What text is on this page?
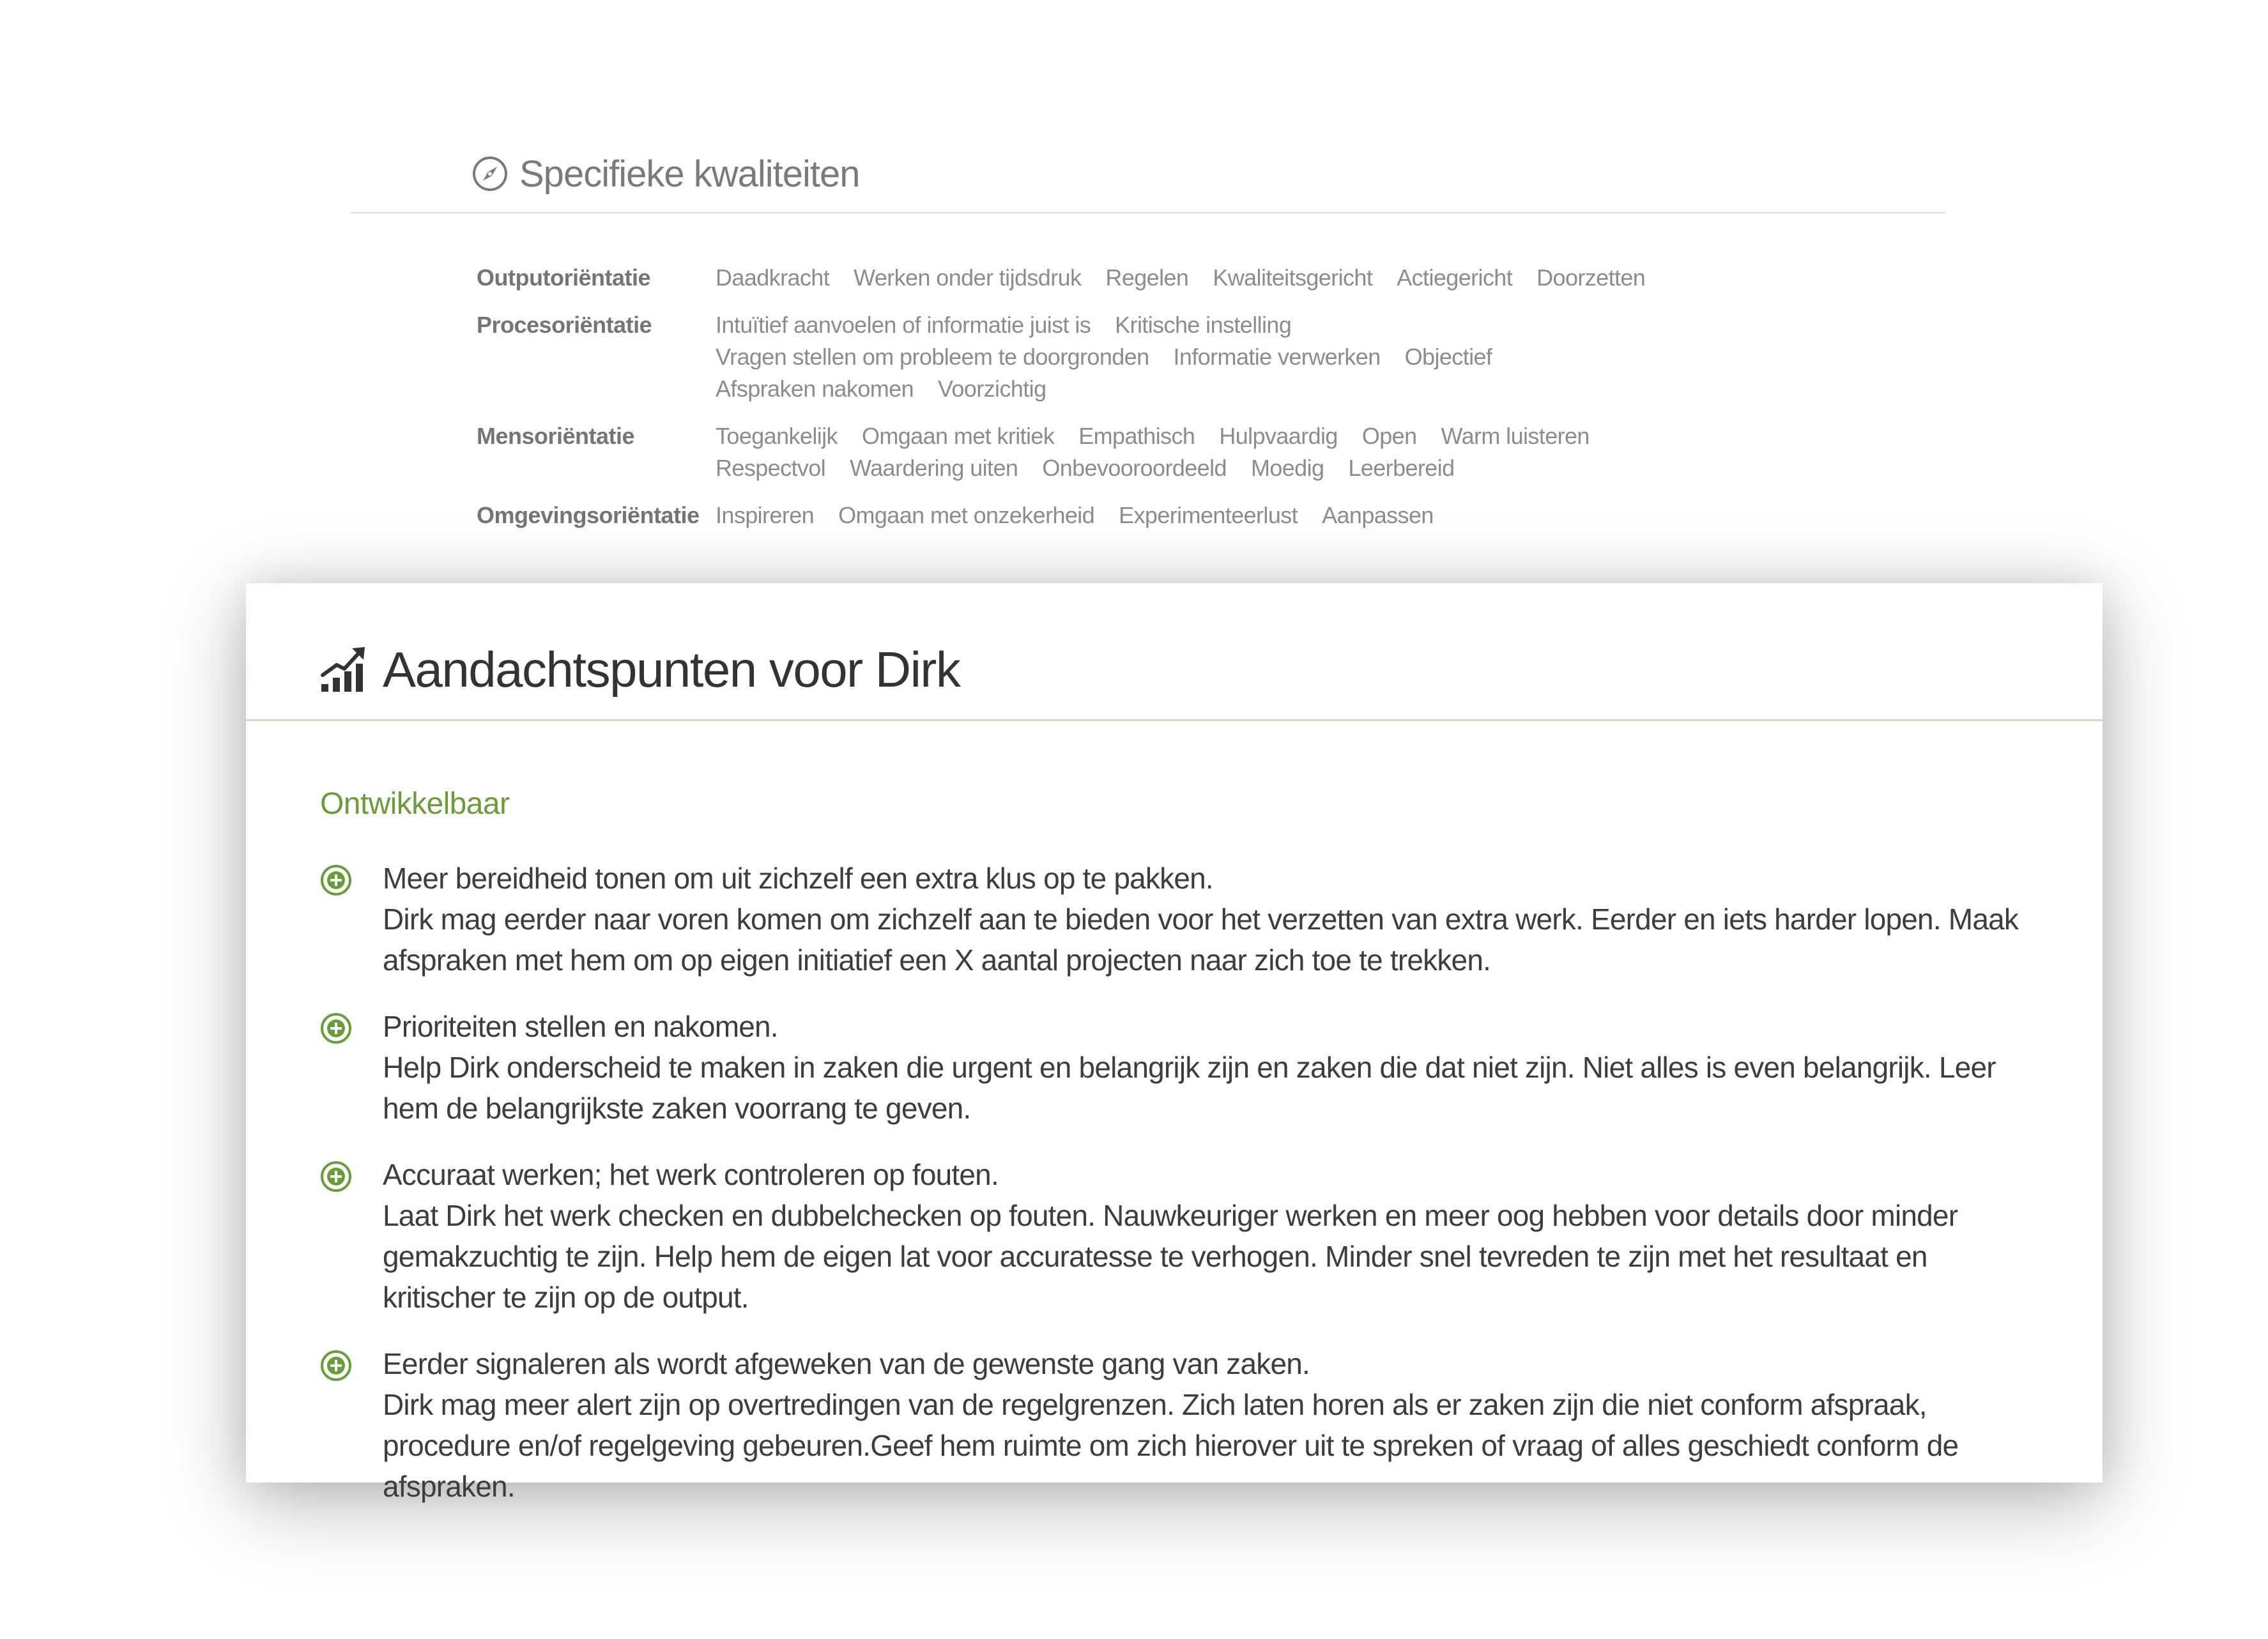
Specifieke kwaliteiten
Outputoriëntatie	Daadkracht Werken onder tijdsdruk Regelen Kwaliteitsgericht Actiegericht Doorzetten
Procesoriëntatie	Intuïtief aanvoelen of informatie juist is Kritische instelling
Vragen stellen om probleem te doorgronden Informatie verwerken Objectief
Afspraken nakomen Voorzichtig
Mensoriëntatie	Toegankelijk Omgaan met kritiek Empathisch Hulpvaardig Open Warm luisteren
Respectvol Waardering uiten Onbevooroordeeld Moedig Leerbereid
Omgevingsoriëntatie Inspireren Omgaan met onzekerheid Experimenteerlust Aanpassen
Aandachtspunten voor Dirk
Ontwikkelbaar
Meer bereidheid tonen om uit zichzelf een extra klus op te pakken.
Dirk mag eerder naar voren komen om zichzelf aan te bieden voor het verzetten van extra werk. Eerder en iets harder lopen. Maak afspraken met hem om op eigen initiatief een X aantal projecten naar zich toe te trekken.
Prioriteiten stellen en nakomen.
Help Dirk onderscheid te maken in zaken die urgent en belangrijk zijn en zaken die dat niet zijn. Niet alles is even belangrijk. Leer hem de belangrijkste zaken voorrang te geven.
Accuraat werken; het werk controleren op fouten.
Laat Dirk het werk checken en dubbelchecken op fouten. Nauwkeuriger werken en meer oog hebben voor details door minder gemakzuchtig te zijn. Help hem de eigen lat voor accuratesse te verhogen. Minder snel tevreden te zijn met het resultaat en kritischer te zijn op de output.
Eerder signaleren als wordt afgeweken van de gewenste gang van zaken.
Dirk mag meer alert zijn op overtredingen van de regelgrenzen. Zich laten horen als er zaken zijn die niet conform afspraak, procedure en/of regelgeving gebeuren.Geef hem ruimte om zich hierover uit te spreken of vraag of alles geschiedt conform de afspraken.
